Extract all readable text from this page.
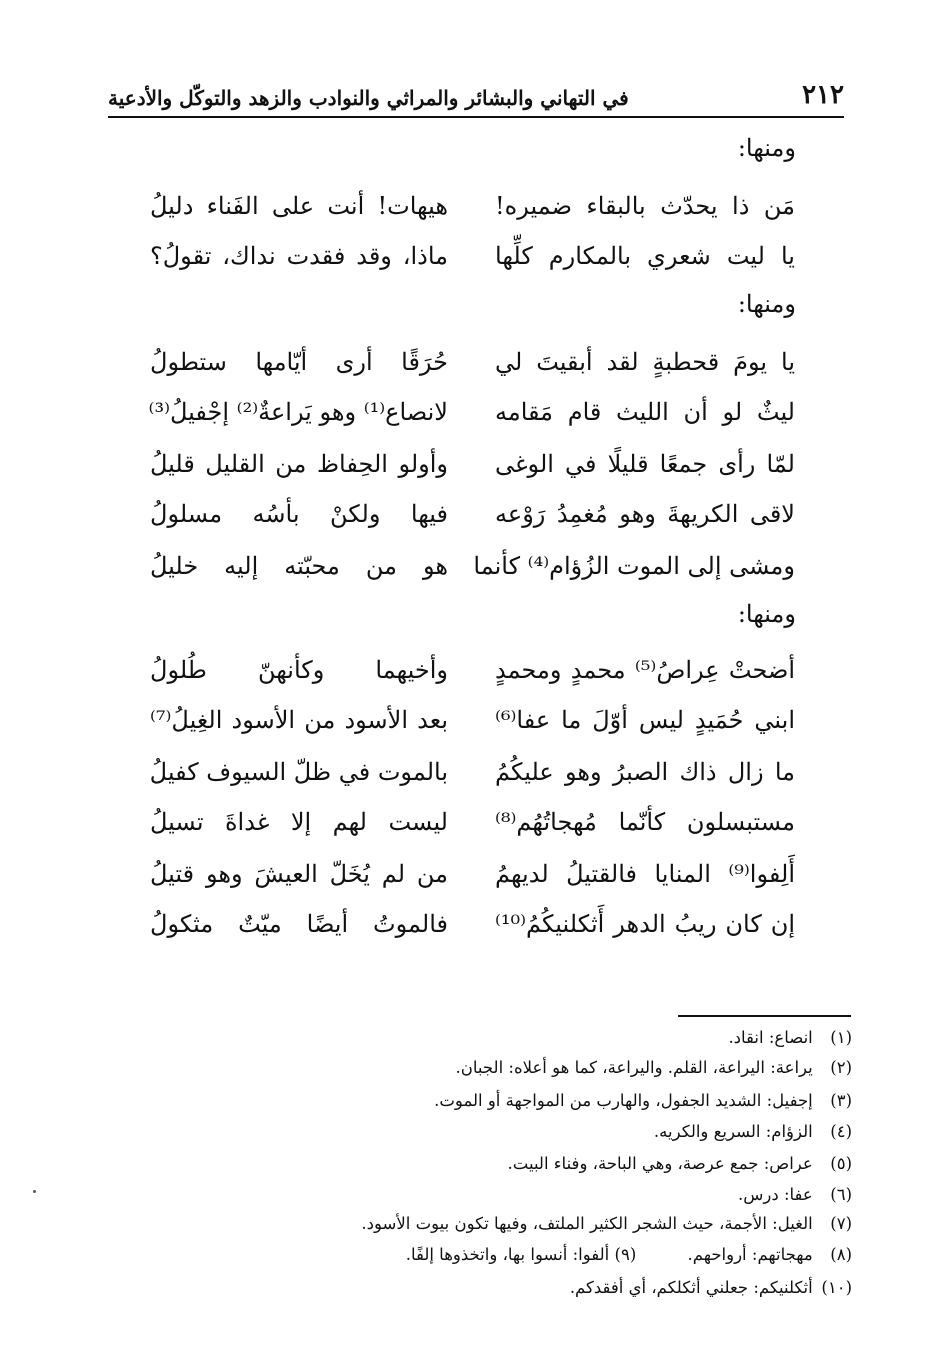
٢١٢
في التهاني والبشائر والمراثي والنوادب والزهد والتوكّل والأدعية
ومنها:
مَن ذا يحدّث بالبقاء ضميره!
هيهات! أنت على الفَناء دليلُ
يا ليت شعري بالمكارم كلِّها
ماذا، وقد فقدت نداك، تقولُ؟
ومنها:
يا يومَ قحطبةٍ لقد أبقيتَ لي
حُرَقًا أرى أيّامها ستطولُ
ليثٌ لو أن الليث قام مَقامه
لانصاع⁽¹⁾ وهو يَراعةٌ⁽²⁾ إجْفيلُ⁽³⁾
لمّا رأى جمعًا قليلًا في الوغى
وأولو الحِفاظ من القليل قليلُ
لاقى الكريهةَ وهو مُغمِدُ رَوْعه
فيها ولكنْ بأسُه مسلولُ
ومشى إلى الموت الزُؤام⁽⁴⁾ كأنما
هو من محبّته إليه خليلُ
ومنها:
أضحتْ عِراصُ⁽⁵⁾ محمدٍ ومحمدٍ
وأخيهما وكأنهنّ طُلولُ
ابني حُمَيدٍ ليس أوّلَ ما عفا⁽⁶⁾
بعد الأسود من الأسود الغِيلُ⁽⁷⁾
ما زال ذاك الصبرُ وهو عليكُمُ
بالموت في ظلّ السيوف كفيلُ
مستبسلون كأنّما مُهجاتُهُم⁽⁸⁾
ليست لهم إلا غداةَ تسيلُ
أَلِفوا⁽⁹⁾ المنايا فالقتيلُ لديهمُ
من لم يُخَلّ العيشَ وهو قتيلُ
إن كان ريبُ الدهر أَثكلنيكُمُ⁽¹⁰⁾
فالموتُ أيضًا ميّتٌ مثكولُ
(١) انصاع: انقاد.
(٢) يراعة: اليراعة، القلم. واليراعة، كما هو أعلاه: الجبان.
(٣) إجفيل: الشديد الجفول، والهارب من المواجهة أو الموت.
(٤) الزؤام: السريع والكريه.
(٥) عراص: جمع عرصة، وهي الباحة، وفناء البيت.
(٦) عفا: درس.
(٧) الغيل: الأجمة، حيث الشجر الكثير الملتف، وفيها تكون بيوت الأسود.
(٨) مهجاتهم: أرواحهم. (٩) ألفوا: أنسوا بها، واتخذوها إلفًا.
(١٠) أثكلنيكم: جعلني أثكلكم، أي أفقدكم.
